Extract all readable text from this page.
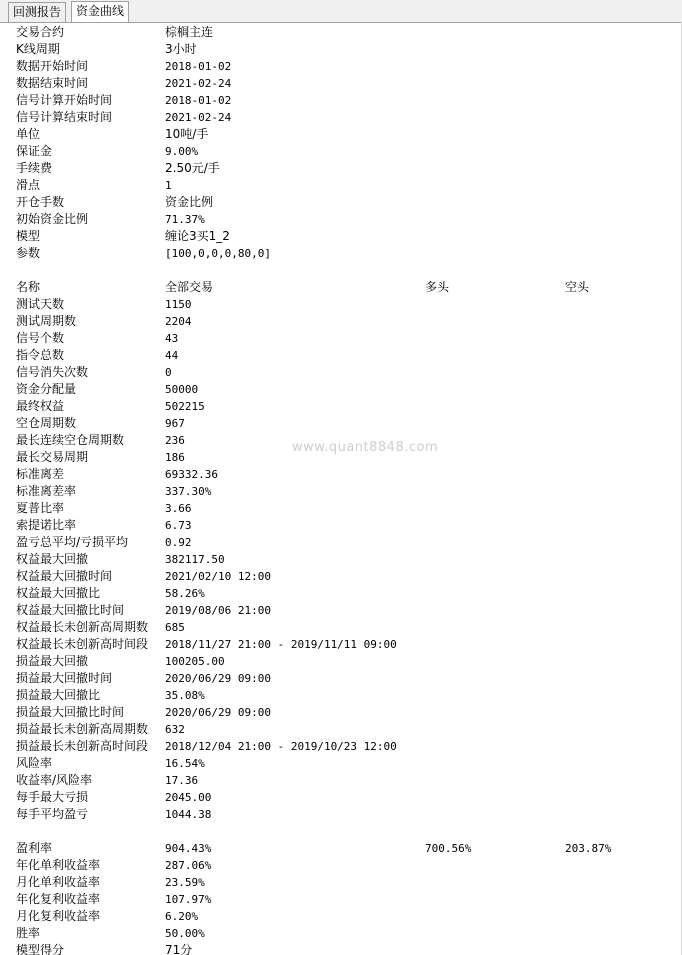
回测报告	资金曲线
交易合约	棕榈主连
K线周期	3小时
数据开始时间	2018-01-02
数据结束时间	2021-02-24
信号计算开始时间	2018-01-02
信号计算结束时间	2021-02-24
单位	10吨/手
保证金	9.00%
手续费	2.50元/手
滑点	1
开仓手数	资金比例
初始资金比例	71.37%
模型	缠论3买1_2
参数	[100,0,0,0,80,0]
名称	全部交易	多头	空头
测试天数	1150
测试周期数	2204
信号个数	43
指令总数	44
信号消失次数	0
资金分配量	50000
最终权益	502215
空仓周期数	967
最长连续空仓周期数	236
最长交易周期	186
标准离差	69332.36
标准离差率	337.30%
夏普比率	3.66
索提诺比率	6.73
盈亏总平均/亏损平均	0.92
权益最大回撤	382117.50
权益最大回撤时间	2021/02/10 12:00
权益最大回撤比	58.26%
权益最大回撤比时间	2019/08/06 21:00
权益最长未创新高周期数 685
权益最长未创新高时间段 2018/11/27 21:00 - 2019/11/11 09:00
损益最大回撤	100205.00
损益最大回撤时间	2020/06/29 09:00
损益最大回撤比	35.08%
损益最大回撤比时间	2020/06/29 09:00
损益最长未创新高周期数 632
损益最长未创新高时间段 2018/12/04 21:00 - 2019/10/23 12:00
风险率	16.54%
收益率/风险率	17.36
每手最大亏损	2045.00
每手平均盈亏	1044.38
盈利率	904.43%	700.56%	203.87%
年化单利收益率	287.06%
月化单利收益率	23.59%
年化复利收益率	107.97%
月化复利收益率	6.20%
胜率	50.00%
模型得分	71分
www.quant8848.com
